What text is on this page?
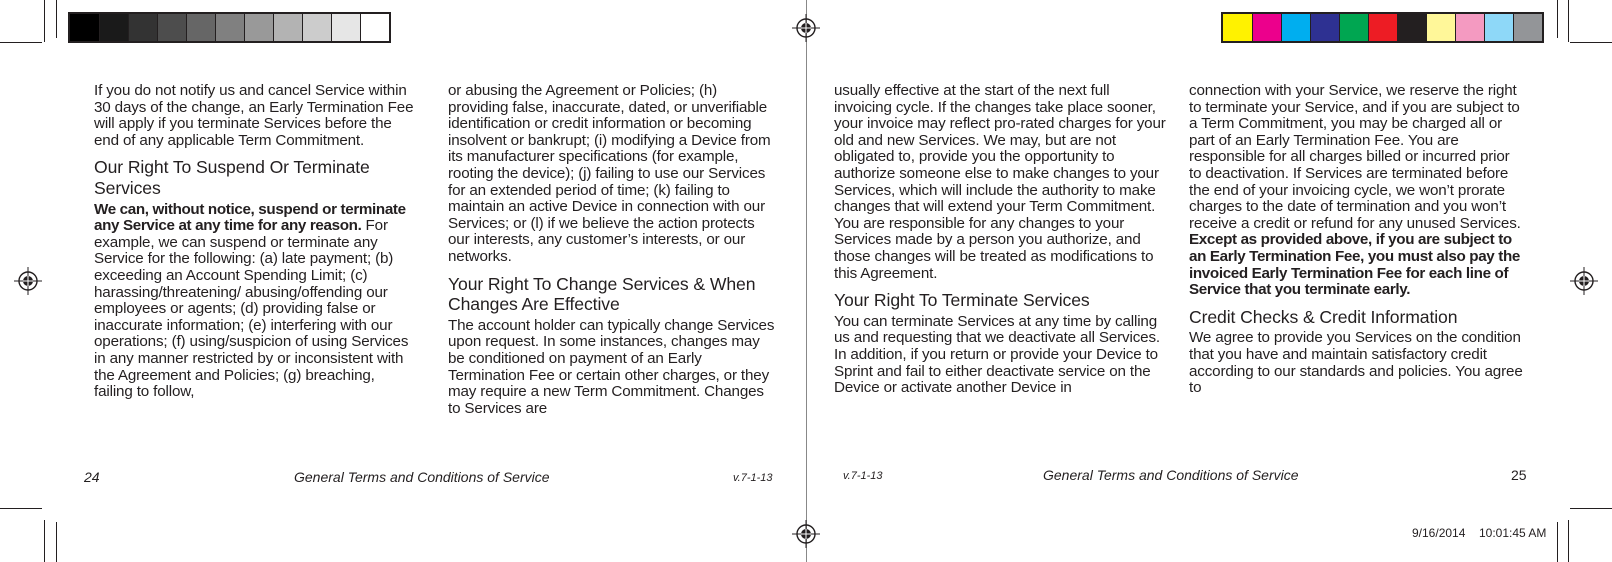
If you do not notify us and cancel Service within 30 days of the change, an Early Termination Fee will apply if you terminate Services before the end of any applicable Term Commitment.

Our Right To Suspend Or Terminate Services

We can, without notice, suspend or terminate any Service at any time for any reason. For example, we can suspend or terminate any Service for the following: (a) late payment; (b) exceeding an Account Spending Limit; (c) harassing/threatening/ abusing/offending our employees or agents; (d) providing false or inaccurate information; (e) interfering with our operations; (f) using/suspicion of using Services in any manner restricted by or inconsistent with the Agreement and Policies; (g) breaching, failing to follow,

or abusing the Agreement or Policies; (h) providing false, inaccurate, dated, or unverifiable identification or credit information or becoming insolvent or bankrupt; (i) modifying a Device from its manufacturer specifications (for example, rooting the device); (j) failing to use our Services for an extended period of time; (k) failing to maintain an active Device in connection with our Services; or (l) if we believe the action protects our interests, any customer’s interests, or our networks.

Your Right To Change Services & When Changes Are Effective

The account holder can typically change Services upon request. In some instances, changes may be conditioned on payment of an Early Termination Fee or certain other charges, or they may require a new Term Commitment. Changes to Services are

usually effective at the start of the next full invoicing cycle. If the changes take place sooner, your invoice may reflect pro-rated charges for your old and new Services. We may, but are not obligated to, provide you the opportunity to authorize someone else to make changes to your Services, which will include the authority to make changes that will extend your Term Commitment. You are responsible for any changes to your Services made by a person you authorize, and those changes will be treated as modifications to this Agreement.

Your Right To Terminate Services

You can terminate Services at any time by calling us and requesting that we deactivate all Services. In addition, if you return or provide your Device to Sprint and fail to either deactivate service on the Device or activate another Device in

connection with your Service, we reserve the right to terminate your Service, and if you are subject to a Term Commitment, you may be charged all or part of an Early Termination Fee. You are responsible for all charges billed or incurred prior to deactivation. If Services are terminated before the end of your invoicing cycle, we won’t prorate charges to the date of termination and you won’t receive a credit or refund for any unused Services. Except as provided above, if you are subject to an Early Termination Fee, you must also pay the invoiced Early Termination Fee for each line of Service that you terminate early.

Credit Checks & Credit Information

We agree to provide you Services on the condition that you have and maintain satisfactory credit according to our standards and policies. You agree to

24	General Terms and Conditions of Service	v.7-1-13	v.7-1-13	General Terms and Conditions of Service	25
9/16/2014 10:01:45 AM
